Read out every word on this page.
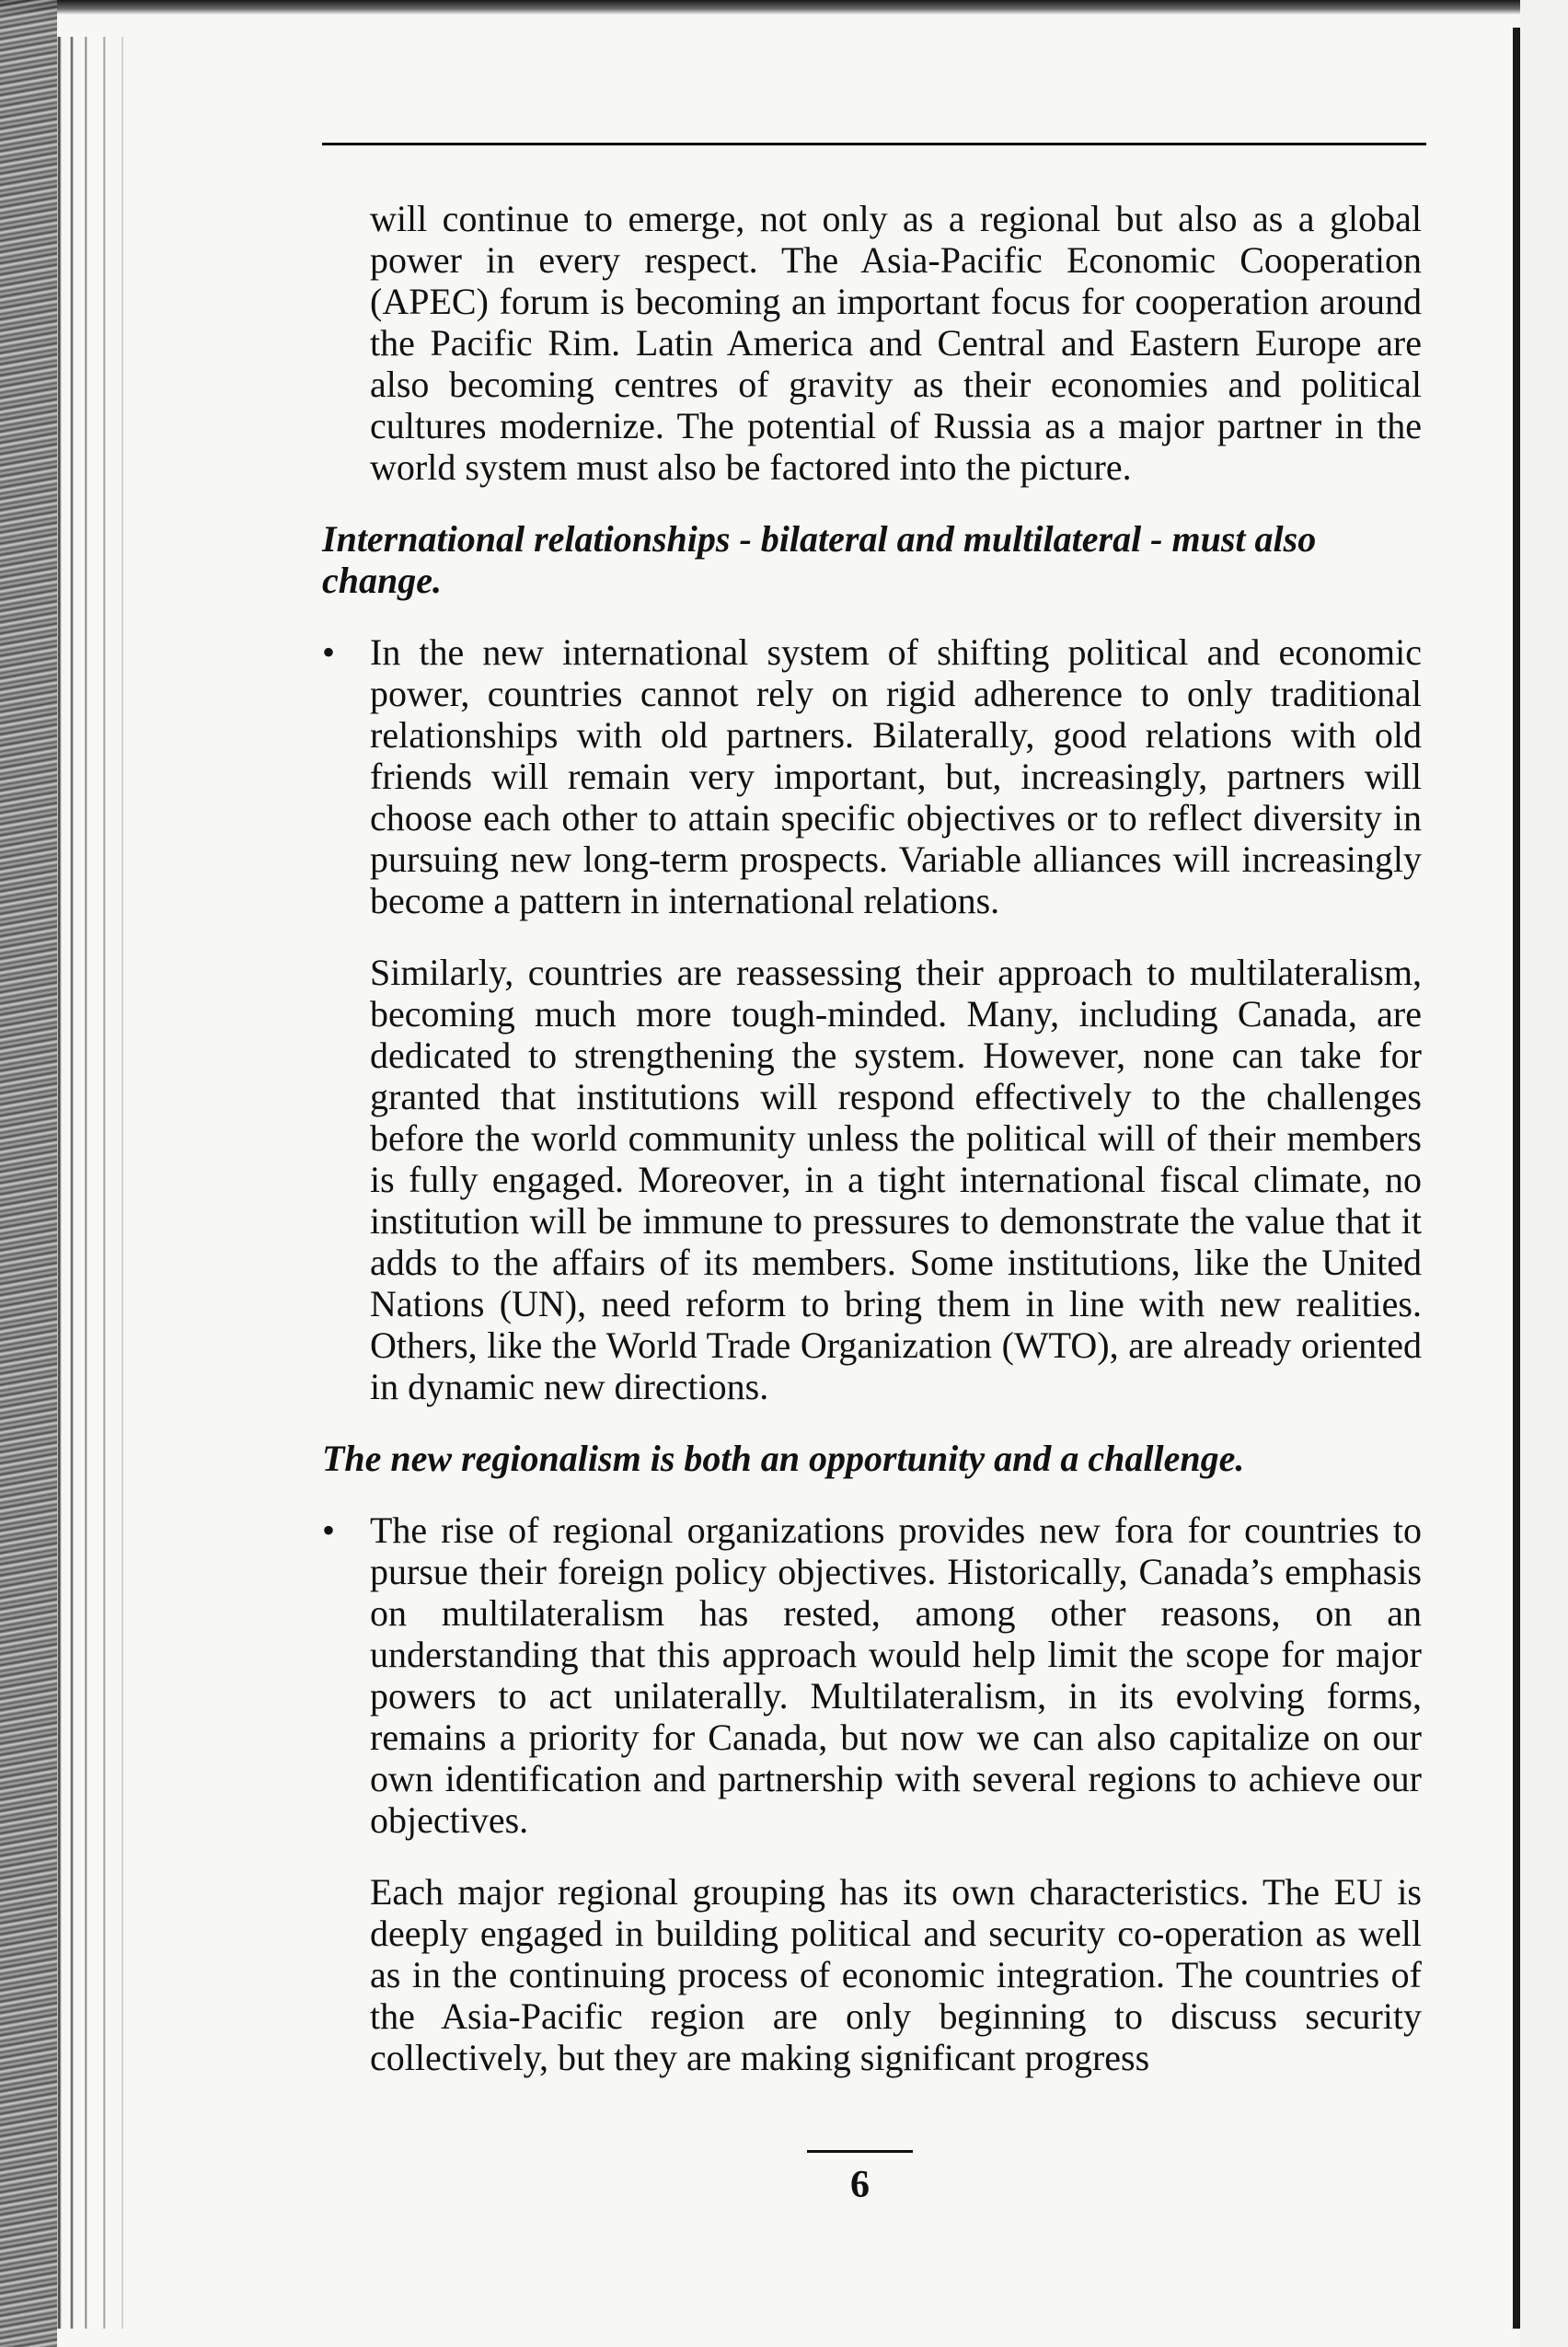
will continue to emerge, not only as a regional but also as a global power in every respect. The Asia-Pacific Economic Cooperation (APEC) forum is becoming an important focus for cooperation around the Pacific Rim. Latin America and Central and Eastern Europe are also becoming centres of gravity as their economies and political cultures modernize. The potential of Russia as a major partner in the world system must also be factored into the picture.

International relationships - bilateral and multilateral - must also change.

• In the new international system of shifting political and economic power, countries cannot rely on rigid adherence to only traditional relationships with old partners. Bilaterally, good relations with old friends will remain very important, but, increasingly, partners will choose each other to attain specific objectives or to reflect diversity in pursuing new long-term prospects. Variable alliances will increasingly become a pattern in international relations.

Similarly, countries are reassessing their approach to multilateralism, becoming much more tough-minded. Many, including Canada, are dedicated to strengthening the system. However, none can take for granted that institutions will respond effectively to the challenges before the world community unless the political will of their members is fully engaged. Moreover, in a tight international fiscal climate, no institution will be immune to pressures to demonstrate the value that it adds to the affairs of its members. Some institutions, like the United Nations (UN), need reform to bring them in line with new realities. Others, like the World Trade Organization (WTO), are already oriented in dynamic new directions.

The new regionalism is both an opportunity and a challenge.

• The rise of regional organizations provides new fora for countries to pursue their foreign policy objectives. Historically, Canada’s emphasis on multilateralism has rested, among other reasons, on an understanding that this approach would help limit the scope for major powers to act unilaterally. Multilateralism, in its evolving forms, remains a priority for Canada, but now we can also capitalize on our own identification and partnership with several regions to achieve our objectives.

Each major regional grouping has its own characteristics. The EU is deeply engaged in building political and security co-operation as well as in the continuing process of economic integration. The countries of the Asia-Pacific region are only beginning to discuss security collectively, but they are making significant progress

6
